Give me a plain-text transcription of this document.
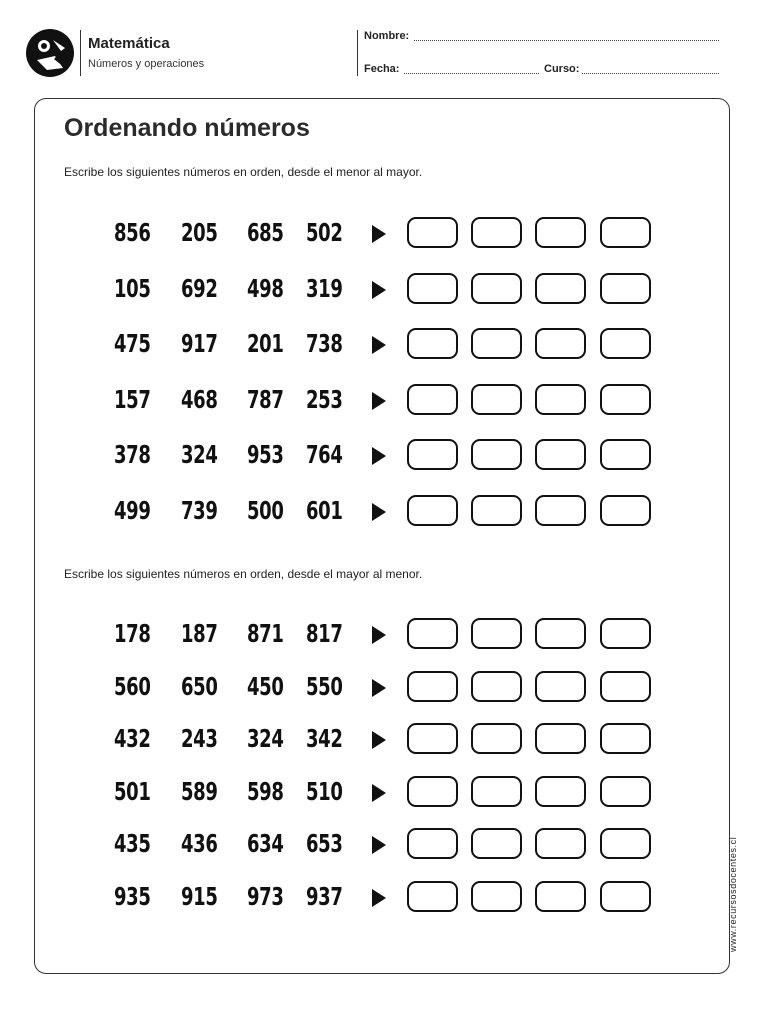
Matemática
Números y operaciones
Nombre:
Fecha:	Curso:
Ordenando números
Escribe los siguientes números en orden, desde el menor al mayor.
856 205 685 502
105 692 498 319
475 917 201 738
157 468 787 253
378 324 953 764
499 739 500 601
Escribe los siguientes números en orden, desde el mayor al menor.
178 187 871 817
560 650 450 550
432 243 324 342
501 589 598 510
435 436 634 653
935 915 973 937	www.recursosdocentes.cl
